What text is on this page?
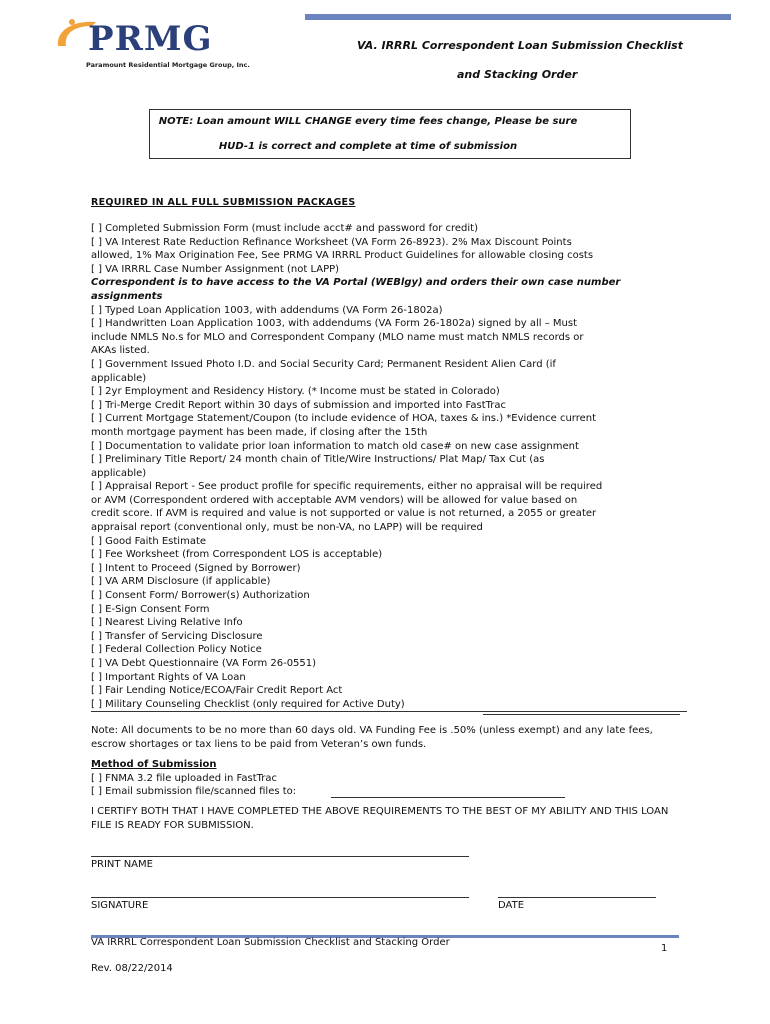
PRMG
Paramount Residential Mortgage Group, Inc.
VA. IRRRL Correspondent Loan Submission Checklist
and Stacking Order
NOTE: Loan amount WILL CHANGE every time fees change, Please be sure
HUD-1 is correct and complete at time of submission
REQUIRED IN ALL FULL SUBMISSION PACKAGES
[ ] Completed Submission Form (must include acct# and password for credit)
[ ] VA Interest Rate Reduction Refinance Worksheet (VA Form 26-8923). 2% Max Discount Points
allowed, 1% Max Origination Fee, See PRMG VA IRRRL Product Guidelines for allowable closing costs
[ ] VA IRRRL Case Number Assignment (not LAPP)
Correspondent is to have access to the VA Portal (WEBlgy) and orders their own case number
assignments
[ ] Typed Loan Application 1003, with addendums (VA Form 26-1802a)
[ ] Handwritten Loan Application 1003, with addendums (VA Form 26-1802a) signed by all – Must
include NMLS No.s for MLO and Correspondent Company (MLO name must match NMLS records or
AKAs listed.
[ ] Government Issued Photo I.D. and Social Security Card; Permanent Resident Alien Card (if
applicable)
[ ] 2yr Employment and Residency History. (* Income must be stated in Colorado)
[ ] Tri-Merge Credit Report within 30 days of submission and imported into FastTrac
[ ] Current Mortgage Statement/Coupon (to include evidence of HOA, taxes & ins.) *Evidence current
month mortgage payment has been made, if closing after the 15th
[ ] Documentation to validate prior loan information to match old case# on new case assignment
[ ] Preliminary Title Report/ 24 month chain of Title/Wire Instructions/ Plat Map/ Tax Cut (as
applicable)
[ ] Appraisal Report - See product profile for specific requirements, either no appraisal will be required
or AVM (Correspondent ordered with acceptable AVM vendors) will be allowed for value based on
credit score. If AVM is required and value is not supported or value is not returned, a 2055 or greater
appraisal report (conventional only, must be non-VA, no LAPP) will be required
[ ] Good Faith Estimate
[ ] Fee Worksheet (from Correspondent LOS is acceptable)
[ ] Intent to Proceed (Signed by Borrower)
[ ] VA ARM Disclosure (if applicable)
[ ] Consent Form/ Borrower(s) Authorization
[ ] E-Sign Consent Form
[ ] Nearest Living Relative Info
[ ] Transfer of Servicing Disclosure
[ ] Federal Collection Policy Notice
[ ] VA Debt Questionnaire (VA Form 26-0551)
[ ] Important Rights of VA Loan
[ ] Fair Lending Notice/ECOA/Fair Credit Report Act
[ ] Military Counseling Checklist (only required for Active Duty)
Note: All documents to be no more than 60 days old. VA Funding Fee is .50% (unless exempt) and any late fees, escrow shortages or tax liens to be paid from Veteran’s own funds.
Method of Submission
[ ] FNMA 3.2 file uploaded in FastTrac
[ ] Email submission file/scanned files to:
I CERTIFY BOTH THAT I HAVE COMPLETED THE ABOVE REQUIREMENTS TO THE BEST OF MY ABILITY AND THIS LOAN FILE IS READY FOR SUBMISSION.
PRINT NAME
SIGNATURE	DATE
VA IRRRL Correspondent Loan Submission Checklist and Stacking Order
1
Rev. 08/22/2014
